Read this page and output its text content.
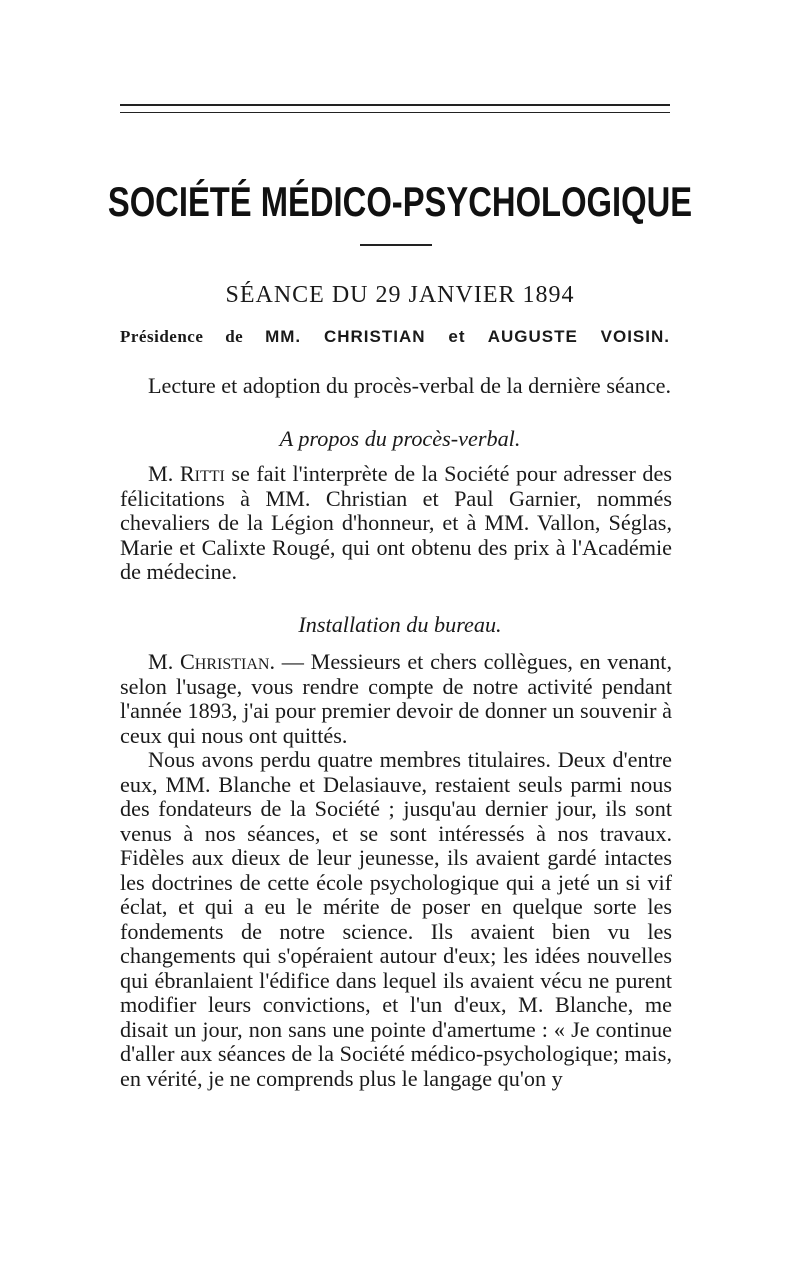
SOCIÉTÉ MÉDICO-PSYCHOLOGIQUE
SÉANCE DU 29 JANVIER 1894
Présidence de MM. CHRISTIAN et AUGUSTE VOISIN.

Lecture et adoption du procès-verbal de la dernière séance.

A propos du procès-verbal.

M. Ritti se fait l'interprète de la Société pour adresser des félicitations à MM. Christian et Paul Garnier, nommés chevaliers de la Légion d'honneur, et à MM. Vallon, Séglas, Marie et Calixte Rougé, qui ont obtenu des prix à l'Académie de médecine.

Installation du bureau.

M. Christian. — Messieurs et chers collègues, en venant, selon l'usage, vous rendre compte de notre activité pendant l'année 1893, j'ai pour premier devoir de donner un souvenir à ceux qui nous ont quittés.

Nous avons perdu quatre membres titulaires. Deux d'entre eux, MM. Blanche et Delasiauve, restaient seuls parmi nous des fondateurs de la Société ; jusqu'au dernier jour, ils sont venus à nos séances, et se sont intéressés à nos travaux. Fidèles aux dieux de leur jeunesse, ils avaient gardé intactes les doctrines de cette école psychologique qui a jeté un si vif éclat, et qui a eu le mérite de poser en quelque sorte les fondements de notre science. Ils avaient bien vu les changements qui s'opéraient autour d'eux; les idées nouvelles qui ébranlaient l'édifice dans lequel ils avaient vécu ne purent modifier leurs convictions, et l'un d'eux, M. Blanche, me disait un jour, non sans une pointe d'amertume : « Je continue d'aller aux séances de la Société médico-psychologique; mais, en vérité, je ne comprends plus le langage qu'on y
